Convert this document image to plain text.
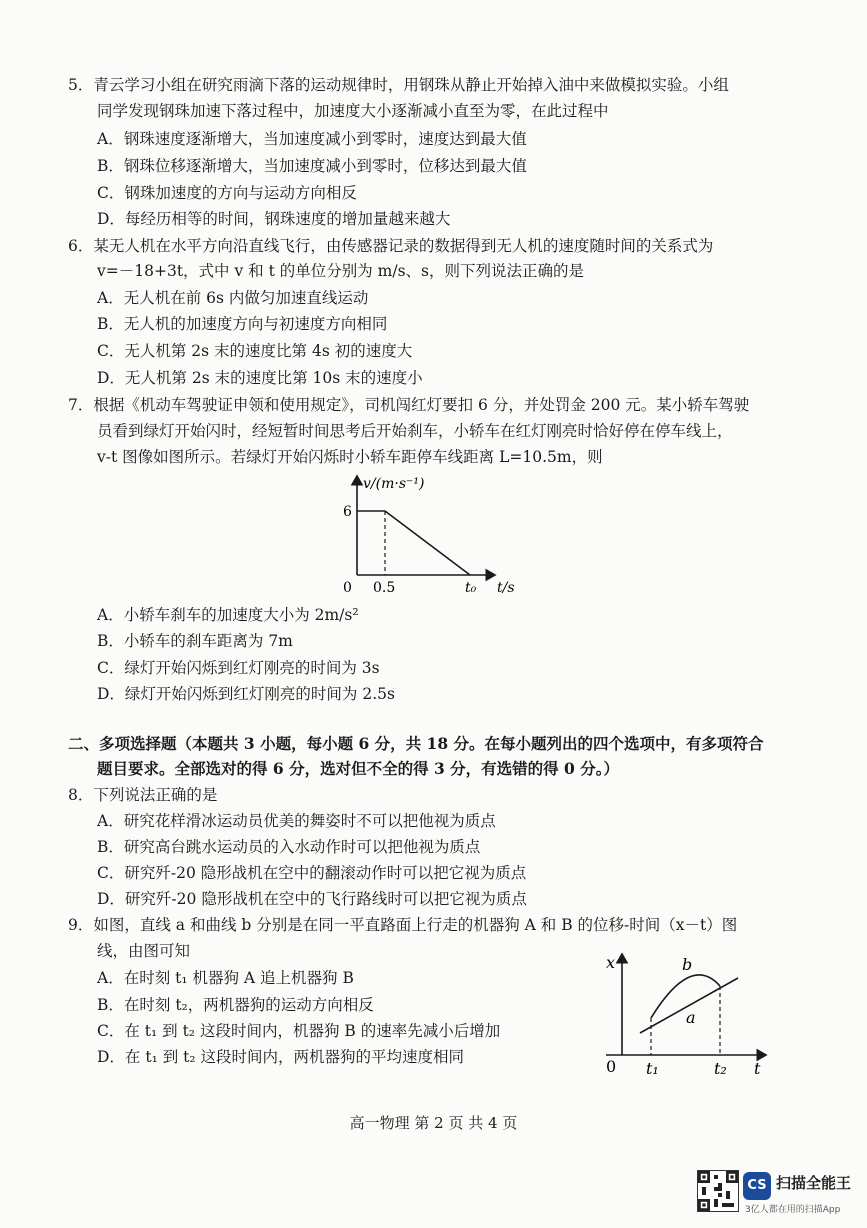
5．青云学习小组在研究雨滴下落的运动规律时，用钢珠从静止开始掉入油中来做模拟实验。小组
同学发现钢珠加速下落过程中，加速度大小逐渐减小直至为零，在此过程中
A．钢珠速度逐渐增大，当加速度减小到零时，速度达到最大值
B．钢珠位移逐渐增大，当加速度减小到零时，位移达到最大值
C．钢珠加速度的方向与运动方向相反
D．每经历相等的时间，钢珠速度的增加量越来越大
6．某无人机在水平方向沿直线飞行，由传感器记录的数据得到无人机的速度随时间的关系式为
v=－18+3t，式中 v 和 t 的单位分别为 m/s、s，则下列说法正确的是
A．无人机在前 6s 内做匀加速直线运动
B．无人机的加速度方向与初速度方向相同
C．无人机第 2s 末的速度比第 4s 初的速度大
D．无人机第 2s 末的速度比第 10s 末的速度小
7．根据《机动车驾驶证申领和使用规定》，司机闯红灯要扣 6 分，并处罚金 200 元。某小轿车驾驶
员看到绿灯开始闪时，经短暂时间思考后开始刹车，小轿车在红灯刚亮时恰好停在停车线上，
v-t 图像如图所示。若绿灯开始闪烁时小轿车距停车线距离 L=10.5m，则
v/(m·s⁻¹)
6
0 0.5	t₀ t/s
A．小轿车刹车的加速度大小为 2m/s²
B．小轿车的刹车距离为 7m
C．绿灯开始闪烁到红灯刚亮的时间为 3s
D．绿灯开始闪烁到红灯刚亮的时间为 2.5s
二、多项选择题（本题共 3 小题，每小题 6 分，共 18 分。在每小题列出的四个选项中，有多项符合
题目要求。全部选对的得 6 分，选对但不全的得 3 分，有选错的得 0 分。）
8．下列说法正确的是
A．研究花样滑冰运动员优美的舞姿时不可以把他视为质点
B．研究高台跳水运动员的入水动作时可以把他视为质点
C．研究歼-20 隐形战机在空中的翻滚动作时可以把它视为质点
D．研究歼-20 隐形战机在空中的飞行路线时可以把它视为质点
9．如图，直线 a 和曲线 b 分别是在同一平直路面上行走的机器狗 A 和 B 的位移-时间（x－t）图
线，由图可知
A．在时刻 t₁ 机器狗 A 追上机器狗 B
B．在时刻 t₂，两机器狗的运动方向相反
C．在 t₁ 到 t₂ 这段时间内，机器狗 B 的速率先减小后增加
D．在 t₁ 到 t₂ 这段时间内，两机器狗的平均速度相同
x	b
a
0 t₁	t₂ t
高一物理 第 2 页 共 4 页
CS 扫描全能王
3亿人都在用的扫描App
